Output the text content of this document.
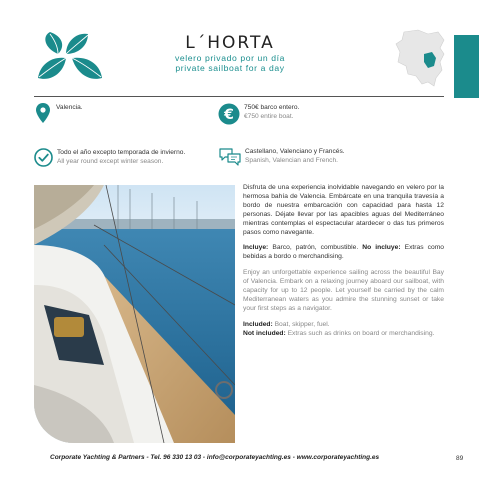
L´HORTA
velero privado por un día
private sailboat for a day
Valencia.	€ 750€ barco entero.
€750 entire boat.
Todo el año excepto temporada de invierno.
All year round except winter season.
Castellano, Valenciano y Francés.
Spanish, Valencian and French.

Disfruta de una experiencia inolvidable navegando en velero por la hermosa bahía de Valencia. Embárcate en una tranquila travesía a bordo de nuestra embarcación con capacidad para hasta 12 personas. Déjate llevar por las apacibles aguas del Mediterráneo mientras contemplas el espectacular atardecer o das tus primeros pasos como navegante.

Incluye: Barco, patrón, combustible. No incluye: Extras como bebidas a bordo o merchandising.

Enjoy an unforgettable experience sailing across the beautiful Bay of Valencia. Embark on a relaxing journey aboard our sailboat, with capacity for up to 12 people. Let yourself be carried by the calm Mediterranean waters as you admire the stunning sunset or take your first steps as a navigator.

Included: Boat, skipper, fuel.
Not included: Extras such as drinks on board or merchandising.

Corporate Yachting & Partners - Tel. 96 330 13 03 - info@corporateyachting.es - www.corporateyachting.es	89
